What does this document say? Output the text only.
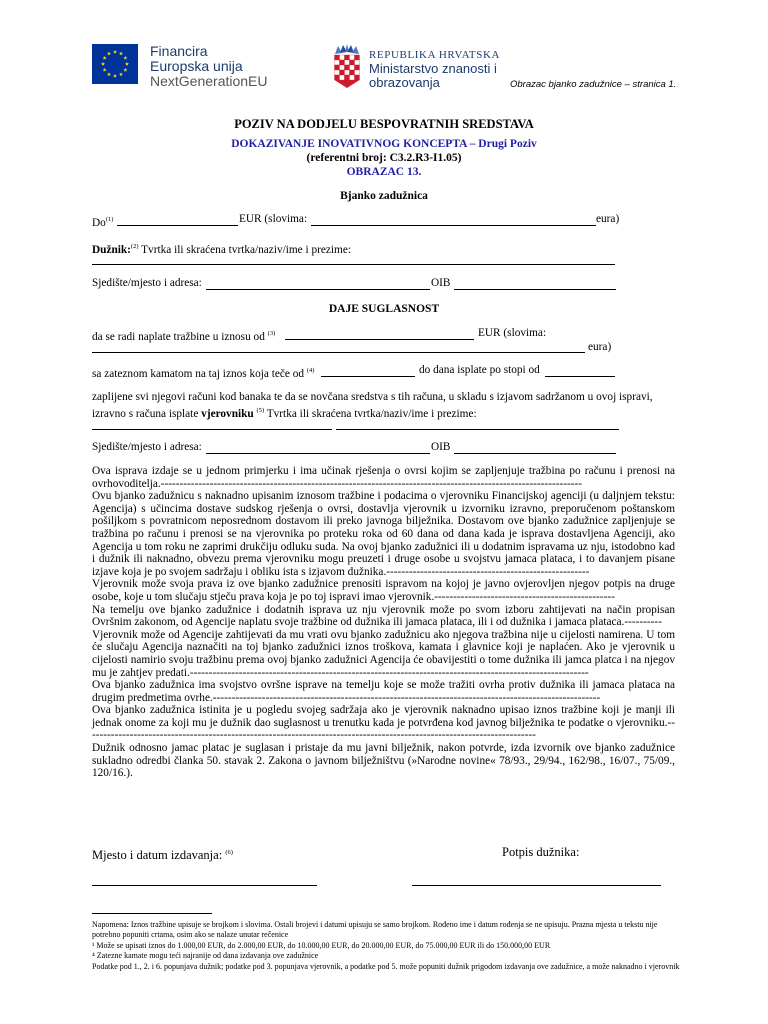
Financira
Europska unija
NextGenerationEU
REPUBLIKA HRVATSKA
Ministarstvo znanosti i
obrazovanja	Obrazac bjanko zadužnice – stranica 1.
POZIV NA DODJELU BESPOVRATNIH SREDSTAVA
DOKAZIVANJE INOVATIVNOG KONCEPTA – Drugi Poziv
(referentni broj: C3.2.R3-I1.05)
OBRAZAC 13.
Bjanko zadužnica
Do$^{(1)}$	EUR (slovima:	eura)
Dužnik:$^{(2)}$ Tvrtka ili skraćena tvrtka/naziv/ime i prezime:
Sjedište/mjesto i adresa:	OIB
DAJE SUGLASNOST
da se radi naplate tražbine u iznosu od $^{(3)}$	EUR (slovima:
eura)
sa zateznom kamatom na taj iznos koja teče od $^{(4)}$	do dana isplate po stopi od
zaplijene svi njegovi računi kod banaka te da se novčana sredstva s tih računa, u skladu s izjavom sadržanom u ovoj ispravi,
izravno s računa isplate vjerovniku $^{(5)}$ Tvrtka ili skraćena tvrtka/naziv/ime i prezime:
Sjedište/mjesto i adresa:	OIB

Ova isprava izdaje se u jednom primjerku i ima učinak rješenja o ovrsi kojim se zapljenjuje tražbina po računu i prenosi na ovrhovoditelja.----------------------------------------------------------------------------------------------------------------

Ovu bjanko zadužnicu s naknadno upisanim iznosom tražbine i podacima o vjerovniku Financijskoj agenciji (u daljnjem tekstu: Agencija) s učincima dostave sudskog rješenja o ovrsi, dostavlja vjerovnik u izvorniku izravno, preporučenom poštanskom pošiljkom s povratnicom neposrednom dostavom ili preko javnoga bilježnika. Dostavom ove bjanko zadužnice zapljenjuje se tražbina po računu i prenosi se na vjerovnika po proteku roka od 60 dana od dana kada je isprava dostavljena Agenciji, ako Agencija u tom roku ne zaprimi drukčiju odluku suda. Na ovoj bjanko zadužnici ili u dodatnim ispravama uz nju, istodobno kad i dužnik ili naknadno, obvezu prema vjerovniku mogu preuzeti i druge osobe u svojstvu jamaca plataca, i to davanjem pisane izjave koja je po svojem sadržaju i obliku ista s izjavom dužnika.------------------------------------------------------

Vjerovnik može svoja prava iz ove bjanko zadužnice prenositi ispravom na kojoj je javno ovjerovljen njegov potpis na druge osobe, koje u tom slučaju stječu prava koja je po toj ispravi imao vjerovnik.------------------------------------------------

Na temelju ove bjanko zadužnice i dodatnih isprava uz nju vjerovnik može po svom izboru zahtijevati na način propisan Ovršnim zakonom, od Agencije naplatu svoje tražbine od dužnika ili jamaca plataca, ili i od dužnika i jamaca plataca.----------

Vjerovnik može od Agencije zahtijevati da mu vrati ovu bjanko zadužnicu ako njegova tražbina nije u cijelosti namirena. U tom će slučaju Agencija naznačiti na toj bjanko zadužnici iznos troškova, kamata i glavnice koji je naplaćen. Ako je vjerovnik u cijelosti namirio svoju tražbinu prema ovoj bjanko zadužnici Agencija će obavijestiti o tome dužnika ili jamca platca i na njegov mu je zahtjev predati.----------------------------------------------------------------------------------------------------------

Ova bjanko zadužnica ima svojstvo ovršne isprave na temelju koje se može tražiti ovrha protiv dužnika ili jamaca plataca na drugim predmetima ovrhe.-------------------------------------------------------------------------------------------------------

Ova bjanko zadužnica istinita je u pogledu svojeg sadržaja ako je vjerovnik naknadno upisao iznos tražbine koji je manji ili jednak onome za koji mu je dužnik dao suglasnost u trenutku kada je potvrđena kod javnog bilježnika te podatke o vjerovniku.------------------------------------------------------------------------------------------------------------------------

Dužnik odnosno jamac platac je suglasan i pristaje da mu javni bilježnik, nakon potvrde, izda izvornik ove bjanko zadužnice sukladno odredbi članka 50. stavak 2. Zakona o javnom bilježništvu (»Narodne novine« 78/93., 29/94., 162/98., 16/07., 75/09., 120/16.).

Mjesto i datum izdavanja: $^{(6)}$	Potpis dužnika:

Napomena: Iznos tražbine upisuje se brojkom i slovima. Ostali brojevi i datumi upisuju se samo brojkom. Rođeno ime i datum rođenja se ne upisuju. Prazna mjesta u tekstu nije potrebno popuniti crtama, osim ako se nalaze unutar rečenice

¹ Može se upisati iznos do 1.000,00 EUR, do 2.000,00 EUR, do 10.000,00 EUR, do 20.000,00 EUR, do 75.000,00 EUR ili do 150.000,00 EUR

⁴ Zatezne kamate mogu teći najranije od dana izdavanja ove zadužnice

Podatke pod 1., 2. i 6. popunjava dužnik; podatke pod 3. popunjava vjerovnik, a podatke pod 5. može popuniti dužnik prigodom izdavanja ove zadužnice, a može naknadno i vjerovnik
